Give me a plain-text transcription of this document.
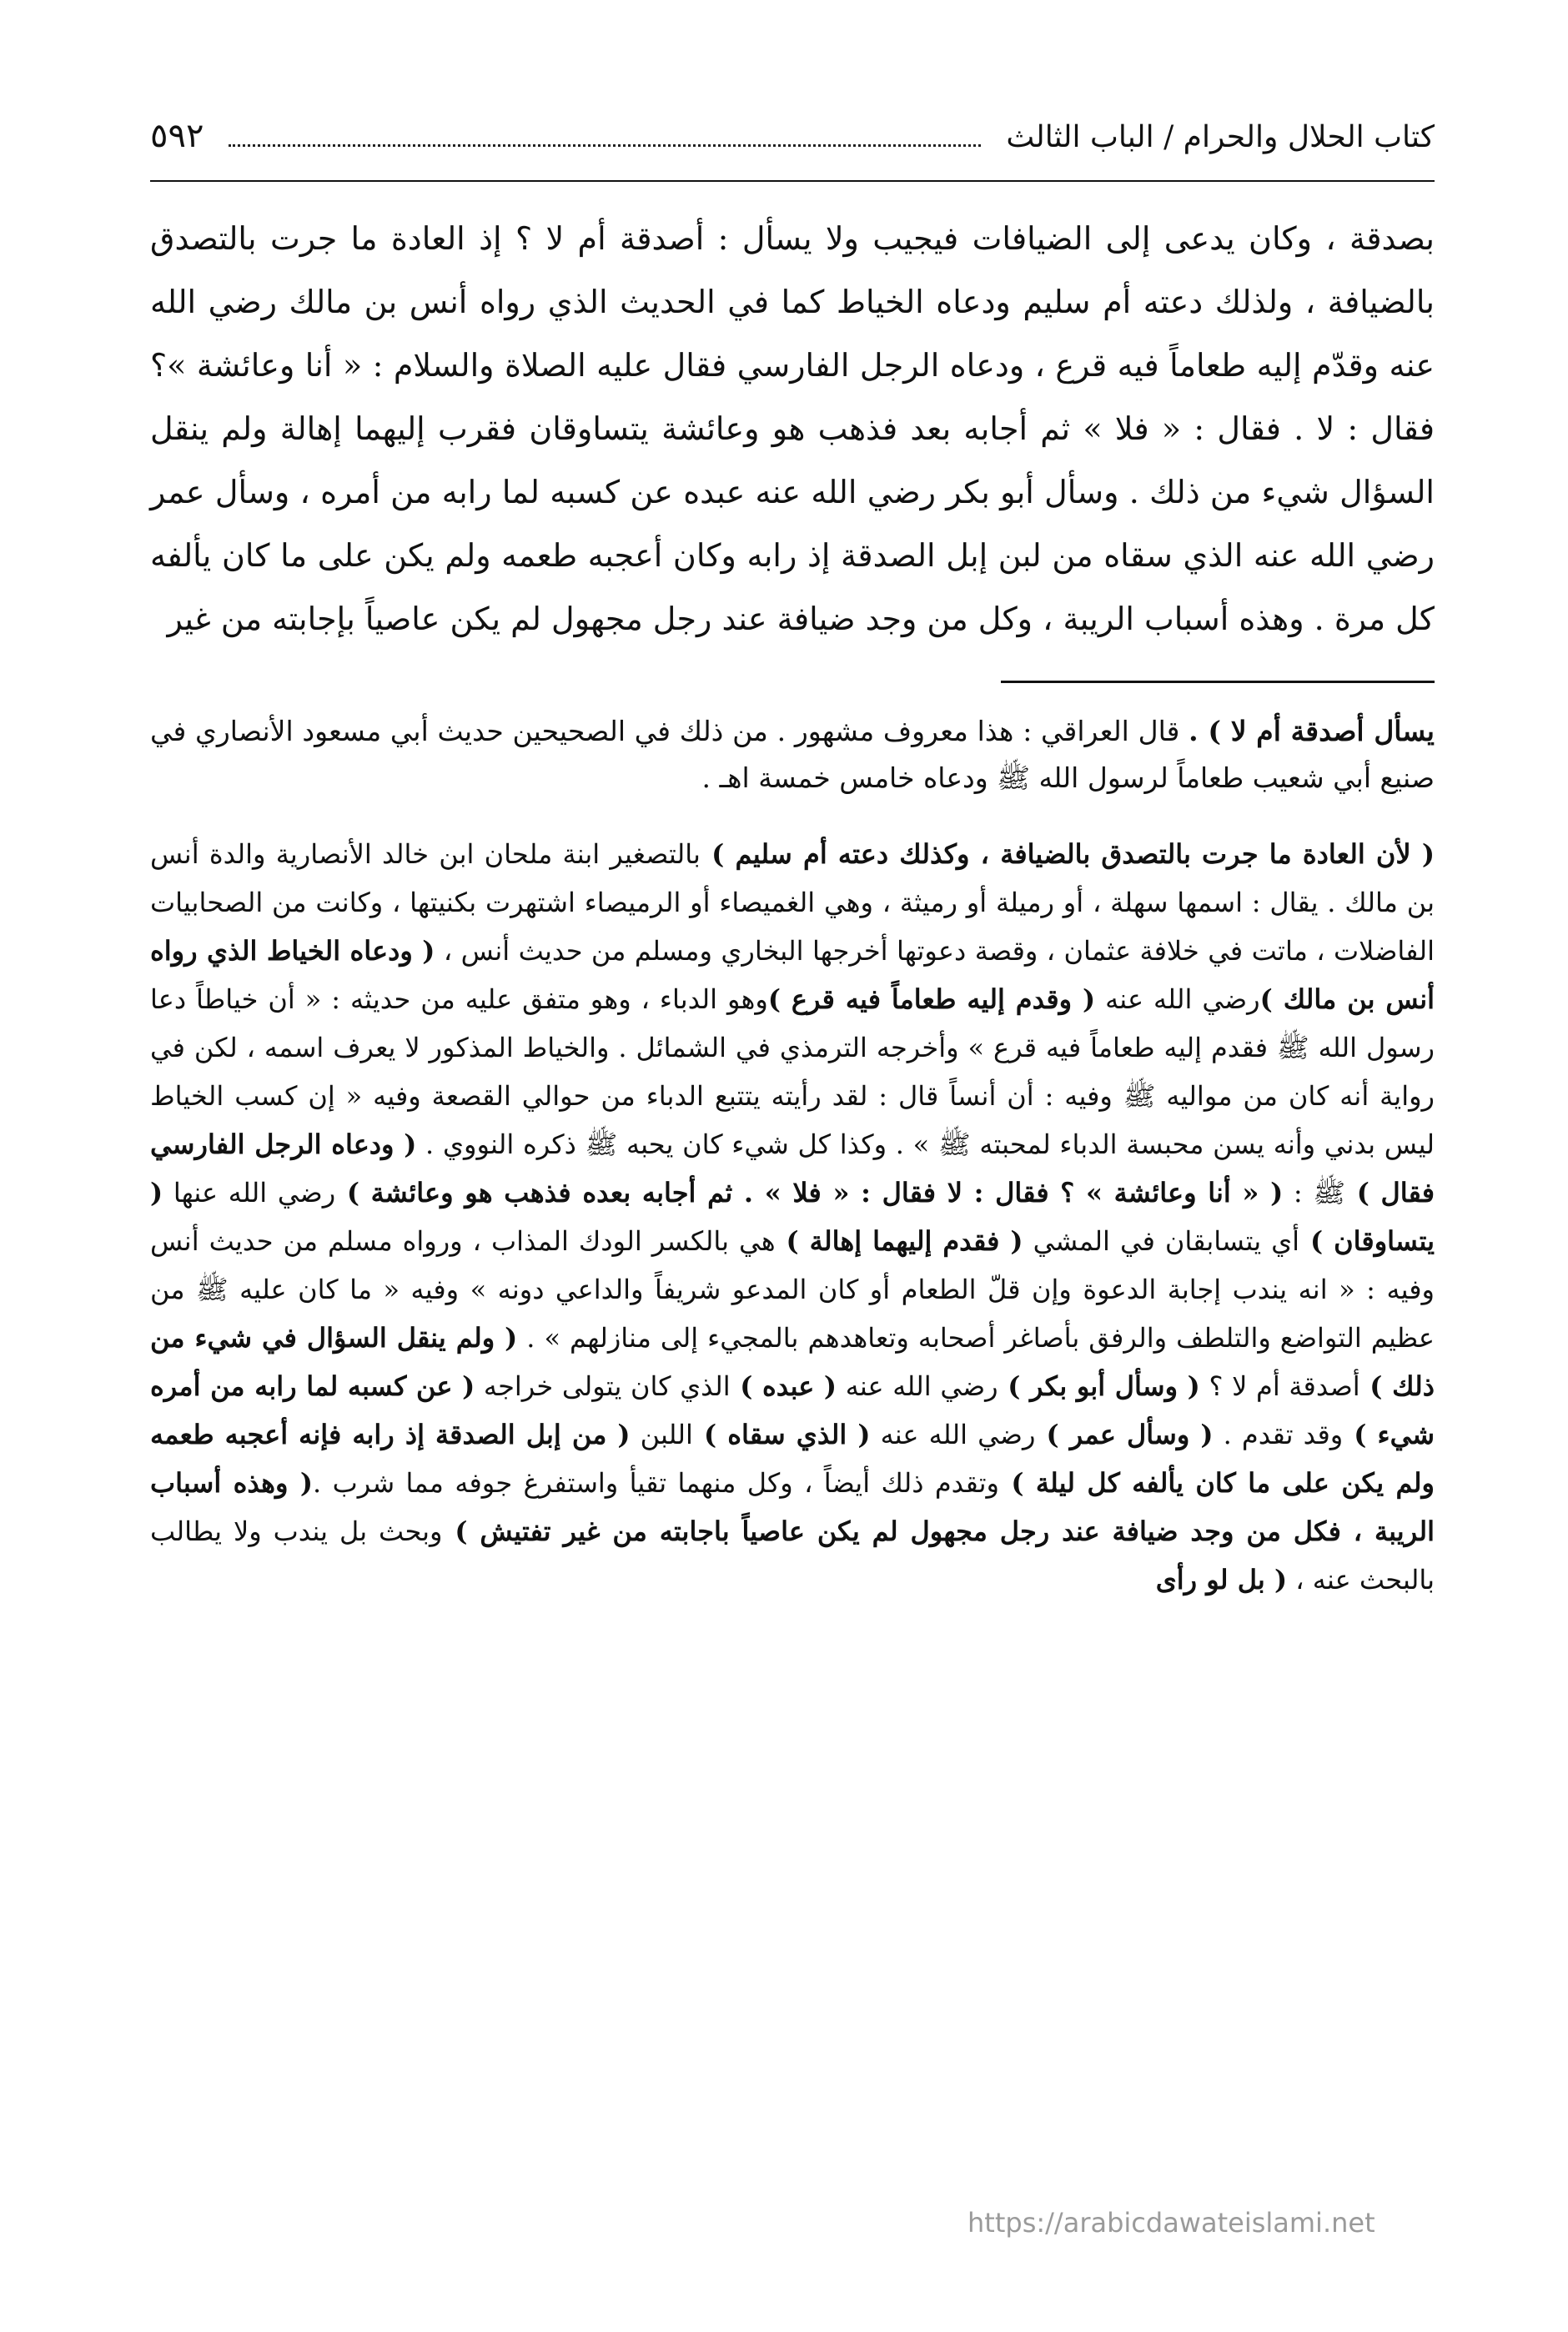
كتاب الحلال والحرام / الباب الثالث
٥٩٢

بصدقة ، وكان يدعى إلى الضيافات فيجيب ولا يسأل : أصدقة أم لا ؟ إذ العادة ما جرت بالتصدق بالضيافة ، ولذلك دعته أم سليم ودعاه الخياط كما في الحديث الذي رواه أنس بن مالك رضي الله عنه وقدّم إليه طعاماً فيه قرع ، ودعاه الرجل الفارسي فقال عليه الصلاة والسلام : « أنا وعائشة »؟ فقال : لا . فقال : « فلا » ثم أجابه بعد فذهب هو وعائشة يتساوقان فقرب إليهما إهالة ولم ينقل السؤال شيء من ذلك . وسأل أبو بكر رضي الله عنه عبده عن كسبه لما رابه من أمره ، وسأل عمر رضي الله عنه الذي سقاه من لبن إبل الصدقة إذ رابه وكان أعجبه طعمه ولم يكن على ما كان يألفه كل مرة . وهذه أسباب الريبة ، وكل من وجد ضيافة عند رجل مجهول لم يكن عاصياً بإجابته من غير

يسأل أصدقة أم لا ) . قال العراقي : هذا معروف مشهور . من ذلك في الصحيحين حديث أبي مسعود الأنصاري في صنيع أبي شعيب طعاماً لرسول الله ﷺ ودعاه خامس خمسة اهـ .

( لأن العادة ما جرت بالتصدق بالضيافة ، وكذلك دعته أم سليم ) بالتصغير ابنة ملحان ابن خالد الأنصارية والدة أنس بن مالك . يقال : اسمها سهلة ، أو رميلة أو رميثة ، وهي الغميصاء أو الرميصاء اشتهرت بكنيتها ، وكانت من الصحابيات الفاضلات ، ماتت في خلافة عثمان ، وقصة دعوتها أخرجها البخاري ومسلم من حديث أنس ، ( ودعاه الخياط الذي رواه أنس بن مالك )رضي الله عنه ( وقدم إليه طعاماً فيه قرع )وهو الدباء ، وهو متفق عليه من حديثه : « أن خياطاً دعا رسول الله ﷺ فقدم إليه طعاماً فيه قرع » وأخرجه الترمذي في الشمائل . والخياط المذكور لا يعرف اسمه ، لكن في رواية أنه كان من مواليه ﷺ وفيه : أن أنساً قال : لقد رأيته يتتبع الدباء من حوالي القصعة وفيه « إن كسب الخياط ليس بدني وأنه يسن محبسة الدباء لمحبته ﷺ » . وكذا كل شيء كان يحبه ﷺ ذكره النووي . ( ودعاه الرجل الفارسي فقال ) ﷺ : ( « أنا وعائشة » ؟ فقال : لا فقال : « فلا » . ثم أجابه بعده فذهب هو وعائشة ) رضي الله عنها ( يتساوقان ) أي يتسابقان في المشي ( فقدم إليهما إهالة ) هي بالكسر الودك المذاب ، ورواه مسلم من حديث أنس وفيه : « انه يندب إجابة الدعوة وإن قلّ الطعام أو كان المدعو شريفاً والداعي دونه » وفيه « ما كان عليه ﷺ من عظيم التواضع والتلطف والرفق بأصاغر أصحابه وتعاهدهم بالمجيء إلى منازلهم » . ( ولم ينقل السؤال في شيء من ذلك ) أصدقة أم لا ؟ ( وسأل أبو بكر ) رضي الله عنه ( عبده ) الذي كان يتولى خراجه ( عن كسبه لما رابه من أمره شيء ) وقد تقدم . ( وسأل عمر ) رضي الله عنه ( الذي سقاه ) اللبن ( من إبل الصدقة إذ رابه فإنه أعجبه طعمه ولم يكن على ما كان يألفه كل ليلة ) وتقدم ذلك أيضاً ، وكل منهما تقيأ واستفرغ جوفه مما شرب .( وهذه أسباب الريبة ، فكل من وجد ضيافة عند رجل مجهول لم يكن عاصياً باجابته من غير تفتيش ) وبحث بل يندب ولا يطالب بالبحث عنه ، ( بل لو رأى

https://arabicdawateislami.net
